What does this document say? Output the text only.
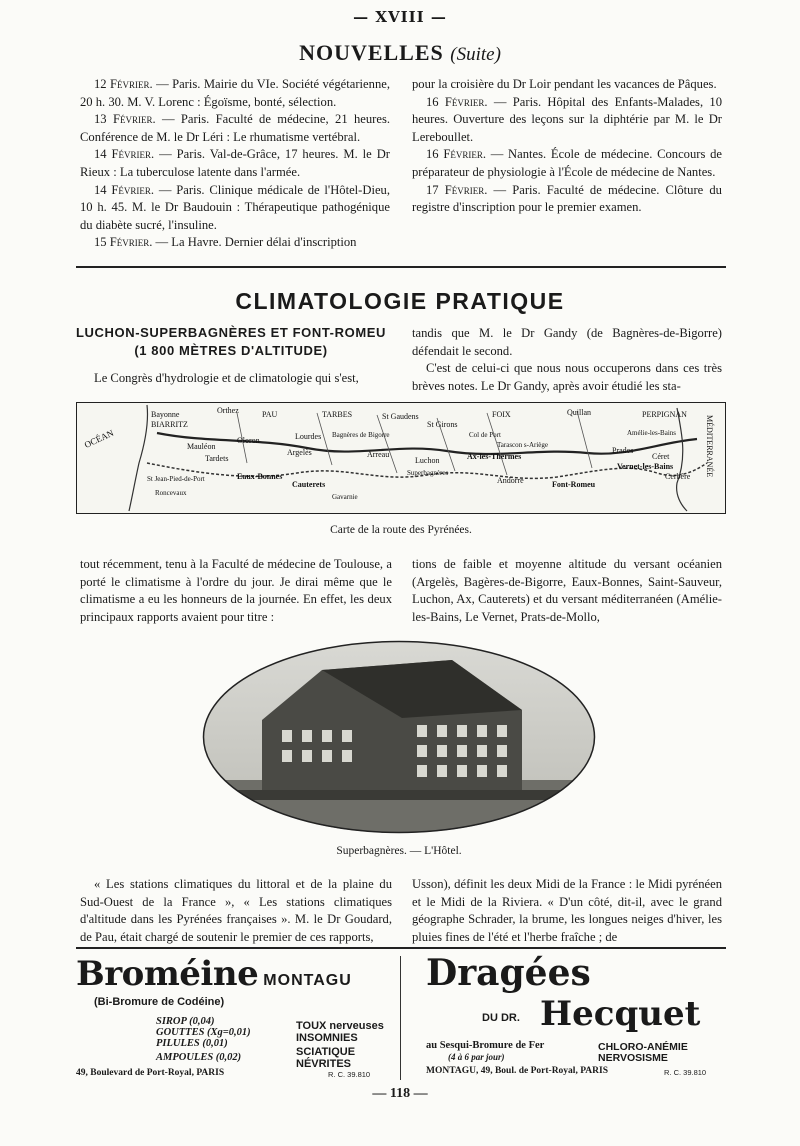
— XVIII —
NOUVELLES (Suite)

12 Février. — Paris. Mairie du VIe. Société végétarienne, 20 h. 30. M. V. Lorenc : Égoïsme, bonté, sélection.

13 Février. — Paris. Faculté de médecine, 21 heures. Conférence de M. le Dr Léri : Le rhumatisme vertébral.

14 Février. — Paris. Val-de-Grâce, 17 heures. M. le Dr Rieux : La tuberculose latente dans l'armée.

14 Février. — Paris. Clinique médicale de l'Hôtel-Dieu, 10 h. 45. M. le Dr Baudouin : Thérapeutique pathogénique du diabète sucré, l'insuline.

15 Février. — La Havre. Dernier délai d'inscription

pour la croisière du Dr Loir pendant les vacances de Pâques.

16 Février. — Paris. Hôpital des Enfants-Malades, 10 heures. Ouverture des leçons sur la diphtérie par M. le Dr Lereboullet.

16 Février. — Nantes. École de médecine. Concours de préparateur de physiologie à l'École de médecine de Nantes.

17 Février. — Paris. Faculté de médecine. Clôture du registre d'inscription pour le premier examen.

CLIMATOLOGIE PRATIQUE
LUCHON-SUPERBAGNÈRES ET FONT-ROMEU
(1 800 MÈTRES D'ALTITUDE)

Le Congrès d'hydrologie et de climatologie qui s'est,

tandis que M. le Dr Gandy (de Bagnères-de-Bigorre) défendait le second.

C'est de celui-ci que nous nous occuperons dans ces très brèves notes. Le Dr Gandy, après avoir étudié les sta-

Bayonne
BIARRITZ
Orthez	PAU	TARBES	St Gaudens	FOIX	PERPIGNAN
Quillan
OCÉAN	Oloron	Lourdes Bagnères de Bigorre
St Girons
Col de Port
Tarascon s-Ariège
Mauléon
Tardets
Argelès	Arreau
Luchon	Ax-les-Thermes
Prades
Vernet-les-Bains
Céret
Eaux-Bonnes
Cauterets
Gavarnie
Superbagnères
Andorre	Font-Romeu
St Jean-Pied-de-Port
Roncevaux
Cerbère
Amélie-les-Bains	MÉDITERRANÉE
Carte de la route des Pyrénées.

tout récemment, tenu à la Faculté de médecine de Toulouse, a porté le climatisme à l'ordre du jour. Je dirai même que le climatisme a eu les honneurs de la journée. En effet, les deux principaux rapports avaient pour titre :

tions de faible et moyenne altitude du versant océanien (Argelès, Bagères-de-Bigorre, Eaux-Bonnes, Saint-Sauveur, Luchon, Ax, Cauterets) et du versant méditerranéen (Amélie-les-Bains, Le Vernet, Prats-de-Mollo,

Superbagnères. — L'Hôtel.

« Les stations climatiques du littoral et de la plaine du Sud-Ouest de la France », « Les stations climatiques d'altitude dans les Pyrénées françaises ». M. le Dr Goudard, de Pau, était chargé de soutenir le premier de ces rapports,

Usson), définit les deux Midi de la France : le Midi pyrénéen et le Midi de la Riviera. « D'un côté, dit-il, avec le grand géographe Schrader, la brume, les longues neiges d'hiver, les pluies fines de l'été et l'herbe fraîche ; de

Broméine MONTAGU
(Bi-Bromure de Codéine)
SIROP (0,04)
GOUTTES (Xg=0,01)
PILULES (0,01)
AMPOULES (0,02)
TOUX nerveuses
INSOMNIES
SCIATIQUE
NÉVRITES
49, Boulevard de Port-Royal, PARIS	R. C. 39.810
Dragées
DU DR. Hecquet
au Sesqui-Bromure de Fer
(4 à 6 par jour)
CHLORO-ANÉMIE
NERVOSISME
MONTAGU, 49, Boul. de Port-Royal, PARIS	R. C. 39.810
— 118 —
